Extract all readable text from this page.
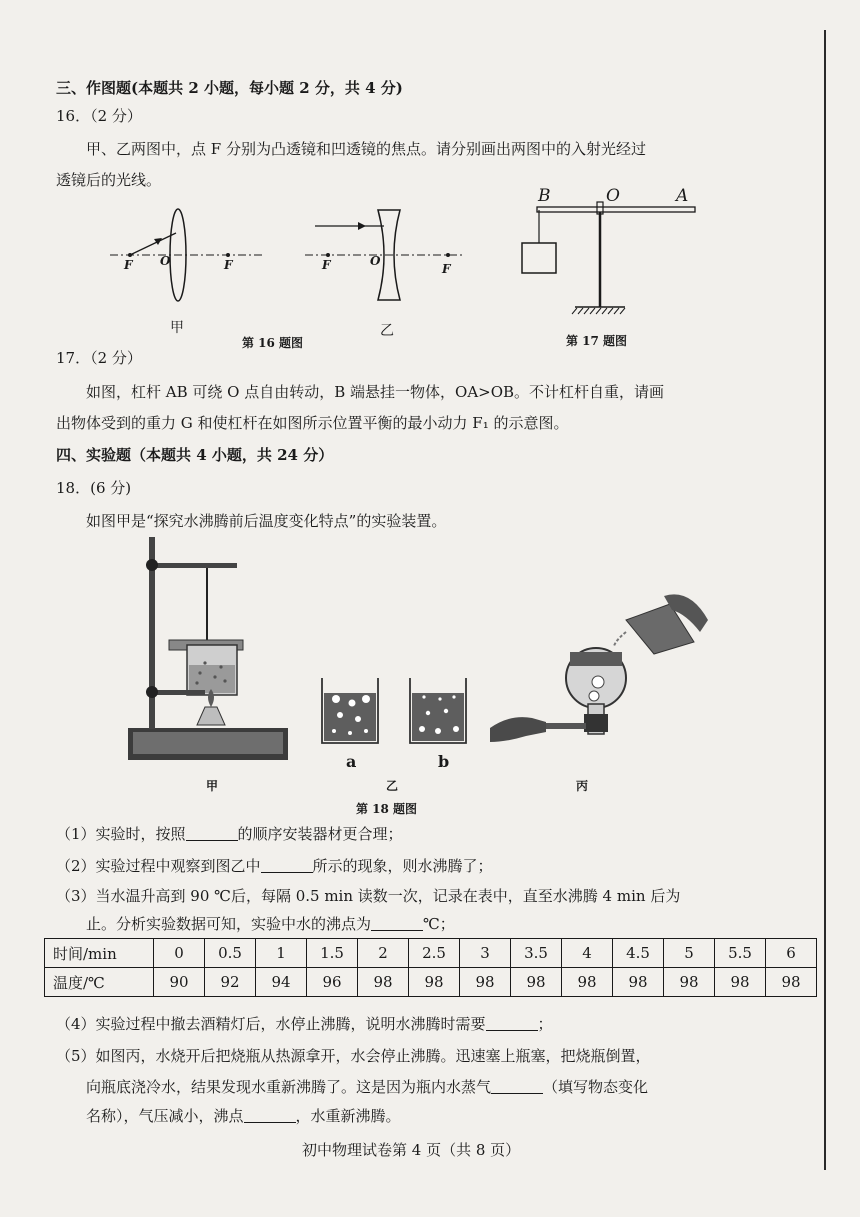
三、作图题(本题共 2 小题，每小题 2 分，共 4 分)
16．（2 分）
甲、乙两图中，点 F 分别为凸透镜和凹透镜的焦点。请分别画出两图中的入射光经过
透镜后的光线。
F O	F
甲
F	O
F
乙
第 16 题图
B	O	A
第 17 题图
17．（2 分）
如图，杠杆 AB 可绕 O 点自由转动，B 端悬挂一物体，OA>OB。不计杠杆自重，请画
出物体受到的重力 G 和使杠杆在如图所示位置平衡的最小动力 F₁ 的示意图。
四、实验题（本题共 4 小题，共 24 分）
18．(6 分)
如图甲是“探究水沸腾前后温度变化特点”的实验装置。
甲
a	b
乙	丙
第 18 题图
（1）实验时，按照	的顺序安装器材更合理；
（2）实验过程中观察到图乙中	所示的现象，则水沸腾了；
（3）当水温升高到 90 ℃后，每隔 0.5 min 读数一次，记录在表中，直至水沸腾 4 min 后为
止。分析实验数据可知，实验中水的沸点为	℃；
时间/min	0	0.5	1	1.5	2	2.5	3	3.5	4	4.5	5	5.5	6
温度/℃	90	92	94	96	98	98	98	98	98	98	98	98	98
（4）实验过程中撤去酒精灯后，水停止沸腾，说明水沸腾时需要	；
（5）如图丙，水烧开后把烧瓶从热源拿开，水会停止沸腾。迅速塞上瓶塞，把烧瓶倒置，
向瓶底浇冷水，结果发现水重新沸腾了。这是因为瓶内水蒸气	（填写物态变化
名称），气压减小，沸点	，水重新沸腾。
初中物理试卷第 4 页（共 8 页）
